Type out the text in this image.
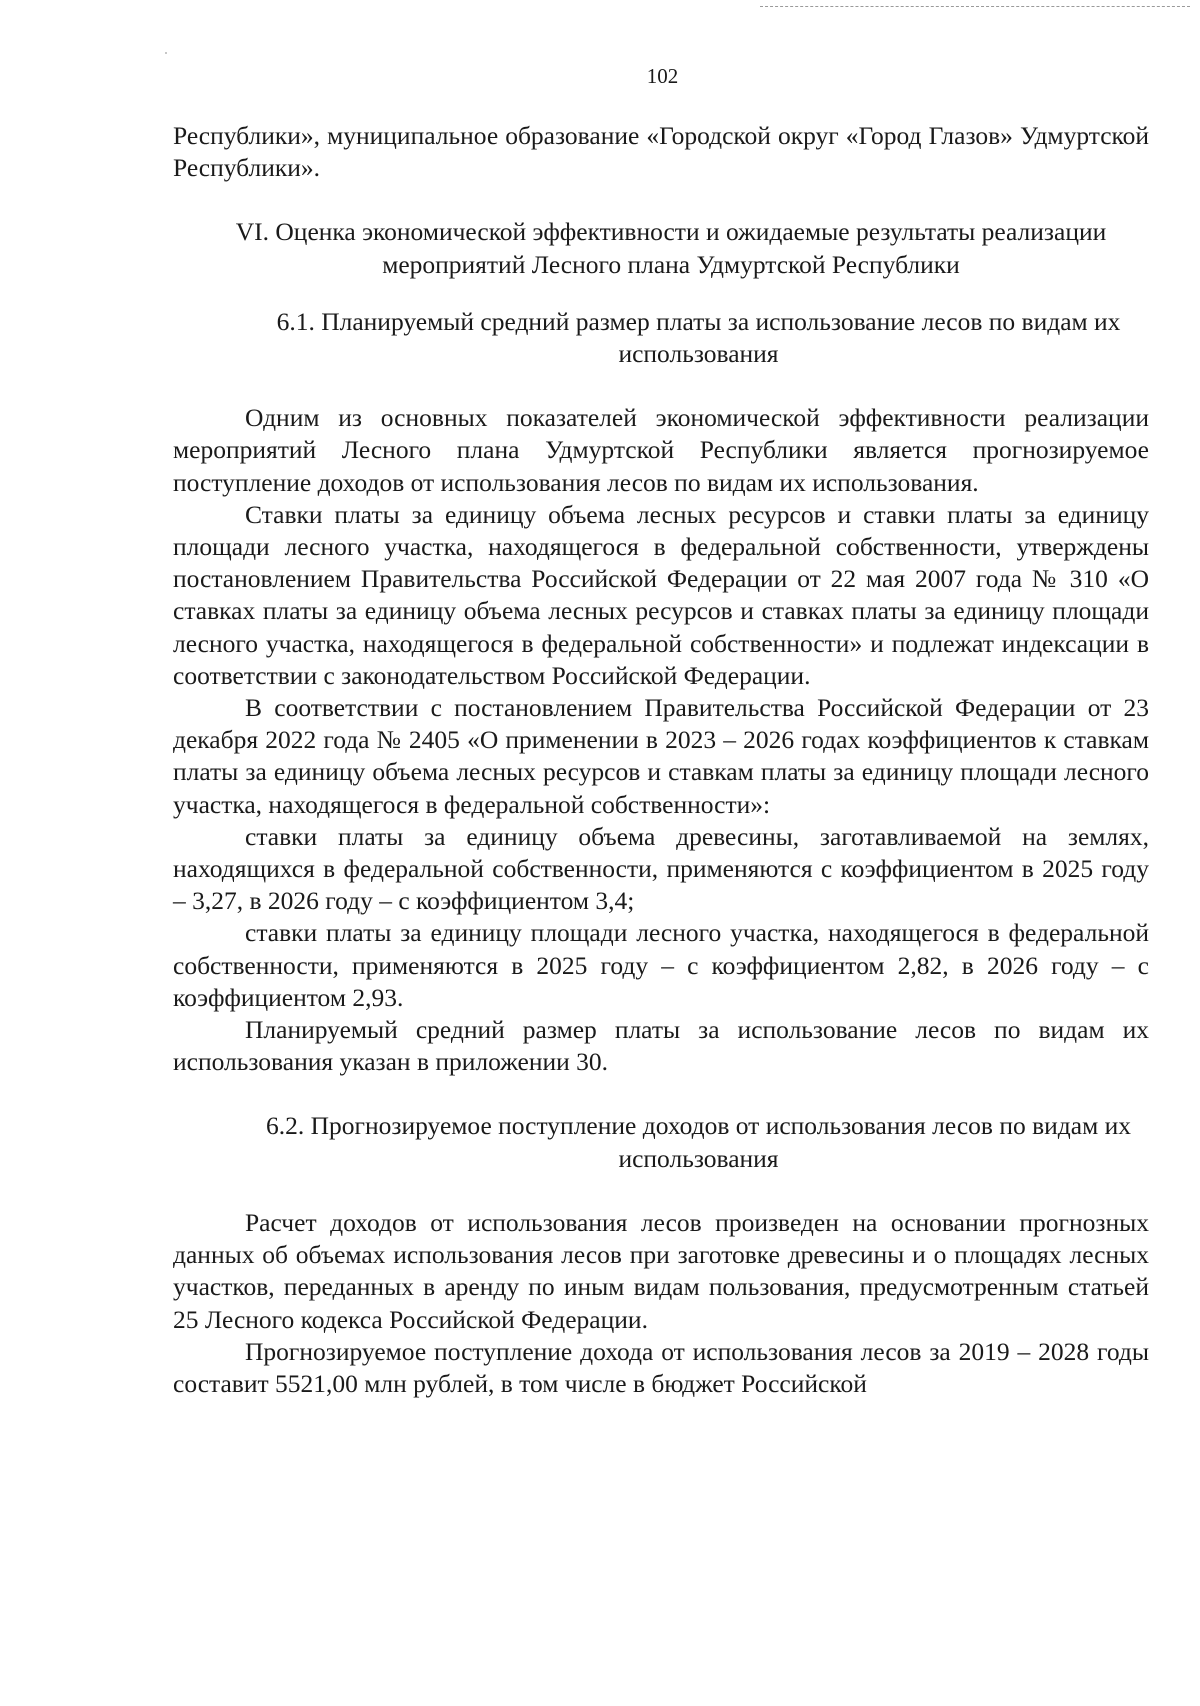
102

Республики», муниципальное образование «Городской округ «Город Глазов» Удмуртской Республики».

VI. Оценка экономической эффективности и ожидаемые результаты реализации мероприятий Лесного плана Удмуртской Республики

6.1. Планируемый средний размер платы за использование лесов по видам их использования

Одним из основных показателей экономической эффективности реализации мероприятий Лесного плана Удмуртской Республики является прогнозируемое поступление доходов от использования лесов по видам их использования.

Ставки платы за единицу объема лесных ресурсов и ставки платы за единицу площади лесного участка, находящегося в федеральной собственности, утверждены постановлением Правительства Российской Федерации от 22 мая 2007 года № 310 «О ставках платы за единицу объема лесных ресурсов и ставках платы за единицу площади лесного участка, находящегося в федеральной собственности» и подлежат индексации в соответствии с законодательством Российской Федерации.

В соответствии с постановлением Правительства Российской Федерации от 23 декабря 2022 года № 2405 «О применении в 2023 – 2026 годах коэффициентов к ставкам платы за единицу объема лесных ресурсов и ставкам платы за единицу площади лесного участка, находящегося в федеральной собственности»:

ставки платы за единицу объема древесины, заготавливаемой на землях, находящихся в федеральной собственности, применяются с коэффициентом в 2025 году – 3,27, в 2026 году – с коэффициентом 3,4;

ставки платы за единицу площади лесного участка, находящегося в федеральной собственности, применяются в 2025 году – с коэффициентом 2,82, в 2026 году – с коэффициентом 2,93.

Планируемый средний размер платы за использование лесов по видам их использования указан в приложении 30.

6.2. Прогнозируемое поступление доходов от использования лесов по видам их использования

Расчет доходов от использования лесов произведен на основании прогнозных данных об объемах использования лесов при заготовке древесины и о площадях лесных участков, переданных в аренду по иным видам пользования, предусмотренным статьей 25 Лесного кодекса Российской Федерации.

Прогнозируемое поступление дохода от использования лесов за 2019 – 2028 годы составит 5521,00 млн рублей, в том числе в бюджет Российской
